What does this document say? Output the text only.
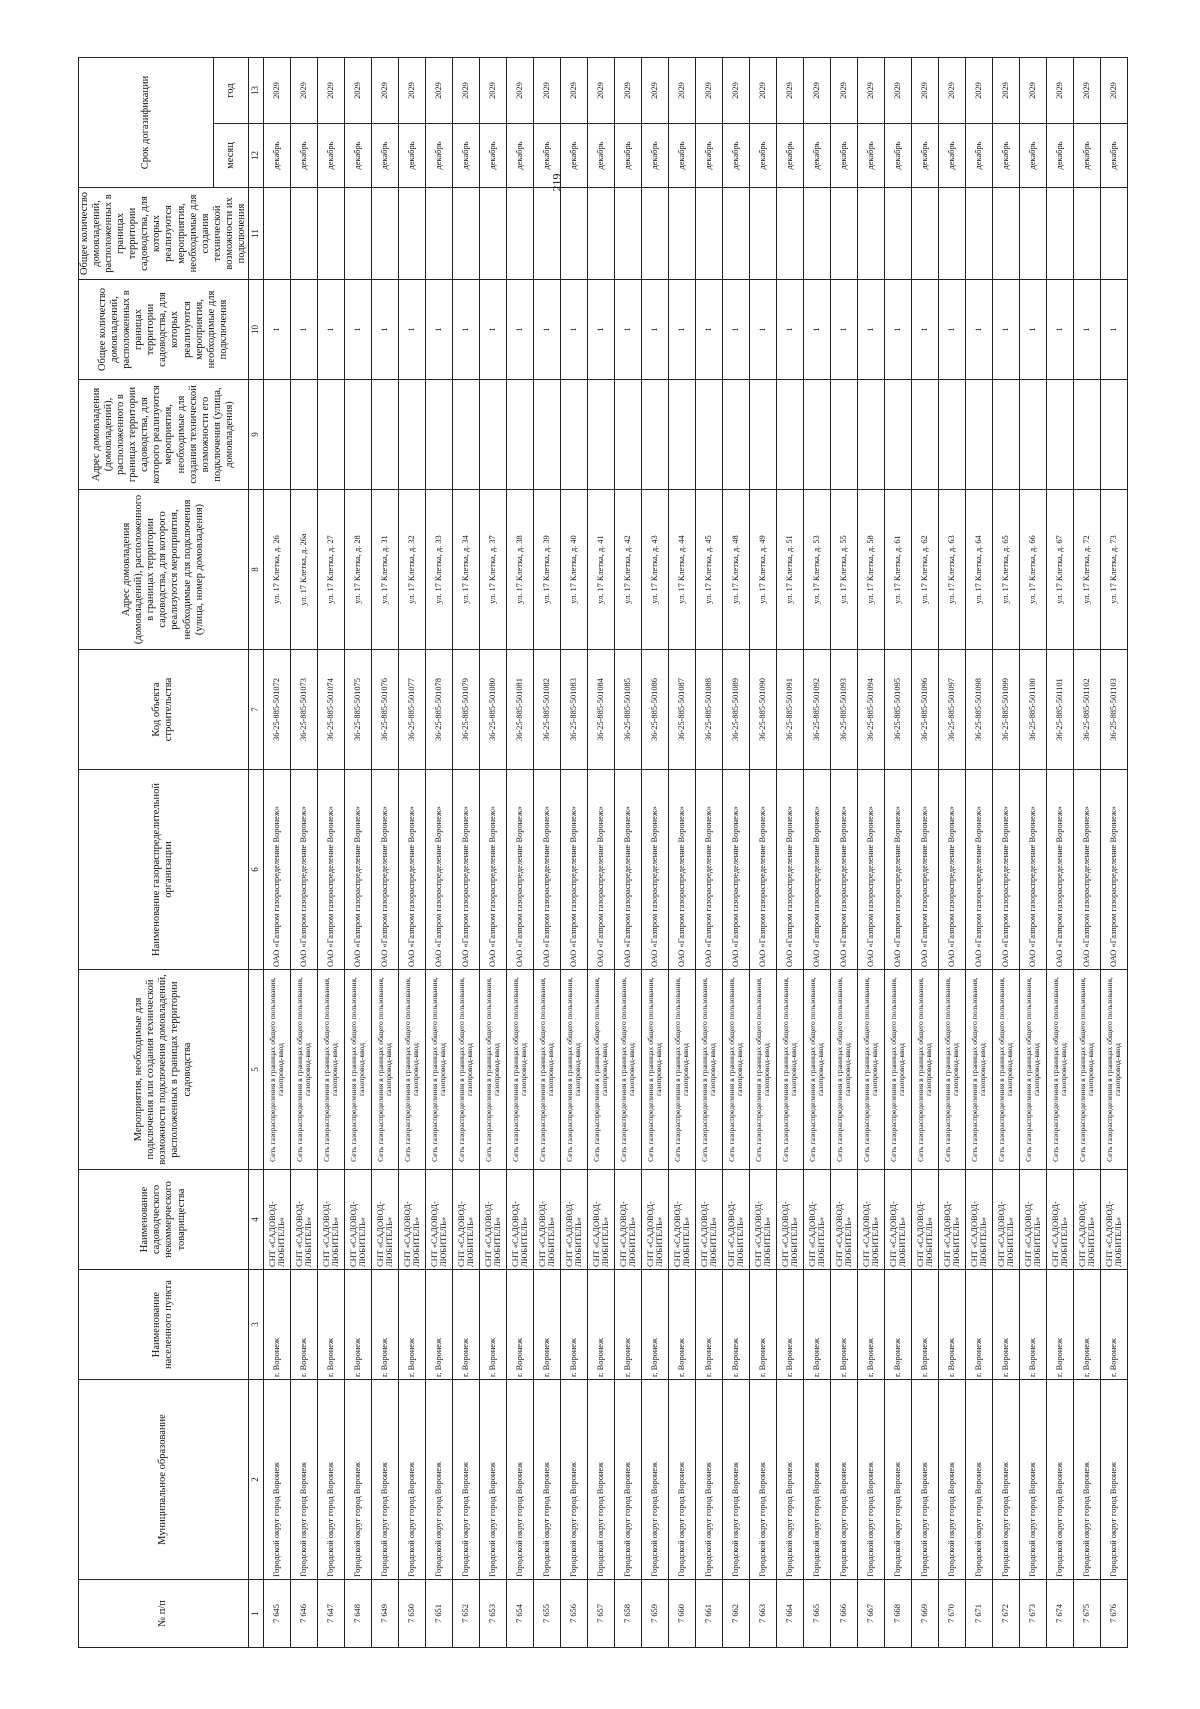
219
№ п/п	Муниципальное образование	Наименование населенного пункта	Наименование садоводческого некоммерческого товарищества	Мероприятия, необходимые для подключения или создания технической возможности подключения домовладений, расположенных в границах территории садоводства	Наименование газораспределительной организации	Код объекта строительства	Адрес домовладения (домовладений), расположенного в границах территории садоводства, для которого реализуются мероприятия, необходимые для подключения (улица, номер домовладения)	Адрес домовладения (домовладений), расположенного в границах территории садоводства, для которого реализуются мероприятия, необходимые для создания технической возможности его подключения (улица, домовладения)	Общее количество домовладений, расположенных в границах территории садоводства, для которых реализуются мероприятия, необходимые для подключения	Общее количество домовладений, расположенных в границах территории садоводства, для которых реализуются мероприятия, необходимые для создания технической возможности их подключения	Срок догазификации	
											месяц	год
1	2	3	4	5	6	7	8	9	10	11	12	13
7 645	Городской округ город Воронеж	г. Воронеж	СНТ «САДОВОД-ЛЮБИТЕЛЬ»	Сеть газораспределения в границах общего пользования, газопровод-ввод	ОАО «Газпром газораспределение Воронеж»	36-25-885-501072	ул. 17 Клетка, д. 26		1		декабрь	2029
7 646	Городской округ город Воронеж	г. Воронеж	СНТ «САДОВОД-ЛЮБИТЕЛЬ»	Сеть газораспределения в границах общего пользования, газопровод-ввод	ОАО «Газпром газораспределение Воронеж»	36-25-885-501073	ул. 17 Клетка, д. 26а		1		декабрь	2029
7 647	Городской округ город Воронеж	г. Воронеж	СНТ «САДОВОД-ЛЮБИТЕЛЬ»	Сеть газораспределения в границах общего пользования, газопровод-ввод	ОАО «Газпром газораспределение Воронеж»	36-25-885-501074	ул. 17 Клетка, д. 27		1		декабрь	2029
7 648	Городской округ город Воронеж	г. Воронеж	СНТ «САДОВОД-ЛЮБИТЕЛЬ»	Сеть газораспределения в границах общего пользования, газопровод-ввод	ОАО «Газпром газораспределение Воронеж»	36-25-885-501075	ул. 17 Клетка, д. 28		1		декабрь	2029
7 649	Городской округ город Воронеж	г. Воронеж	СНТ «САДОВОД-ЛЮБИТЕЛЬ»	Сеть газораспределения в границах общего пользования, газопровод-ввод	ОАО «Газпром газораспределение Воронеж»	36-25-885-501076	ул. 17 Клетка, д. 31		1		декабрь	2029
7 650	Городской округ город Воронеж	г. Воронеж	СНТ «САДОВОД-ЛЮБИТЕЛЬ»	Сеть газораспределения в границах общего пользования, газопровод-ввод	ОАО «Газпром газораспределение Воронеж»	36-25-885-501077	ул. 17 Клетка, д. 32		1		декабрь	2029
7 651	Городской округ город Воронеж	г. Воронеж	СНТ «САДОВОД-ЛЮБИТЕЛЬ»	Сеть газораспределения в границах общего пользования, газопровод-ввод	ОАО «Газпром газораспределение Воронеж»	36-25-885-501078	ул. 17 Клетка, д. 33		1		декабрь	2029
7 652	Городской округ город Воронеж	г. Воронеж	СНТ «САДОВОД-ЛЮБИТЕЛЬ»	Сеть газораспределения в границах общего пользования, газопровод-ввод	ОАО «Газпром газораспределение Воронеж»	36-25-885-501079	ул. 17 Клетка, д. 34		1		декабрь	2029
7 653	Городской округ город Воронеж	г. Воронеж	СНТ «САДОВОД-ЛЮБИТЕЛЬ»	Сеть газораспределения в границах общего пользования, газопровод-ввод	ОАО «Газпром газораспределение Воронеж»	36-25-885-501080	ул. 17 Клетка, д. 37		1		декабрь	2029
7 654	Городской округ город Воронеж	г. Воронеж	СНТ «САДОВОД-ЛЮБИТЕЛЬ»	Сеть газораспределения в границах общего пользования, газопровод-ввод	ОАО «Газпром газораспределение Воронеж»	36-25-885-501081	ул. 17 Клетка, д. 38		1		декабрь	2029
7 655	Городской округ город Воронеж	г. Воронеж	СНТ «САДОВОД-ЛЮБИТЕЛЬ»	Сеть газораспределения в границах общего пользования, газопровод-ввод	ОАО «Газпром газораспределение Воронеж»	36-25-885-501082	ул. 17 Клетка, д. 39		1		декабрь	2029
7 656	Городской округ город Воронеж	г. Воронеж	СНТ «САДОВОД-ЛЮБИТЕЛЬ»	Сеть газораспределения в границах общего пользования, газопровод-ввод	ОАО «Газпром газораспределение Воронеж»	36-25-885-501083	ул. 17 Клетка, д. 40		1		декабрь	2029
7 657	Городской округ город Воронеж	г. Воронеж	СНТ «САДОВОД-ЛЮБИТЕЛЬ»	Сеть газораспределения в границах общего пользования, газопровод-ввод	ОАО «Газпром газораспределение Воронеж»	36-25-885-501084	ул. 17 Клетка, д. 41		1		декабрь	2029
7 658	Городской округ город Воронеж	г. Воронеж	СНТ «САДОВОД-ЛЮБИТЕЛЬ»	Сеть газораспределения в границах общего пользования, газопровод-ввод	ОАО «Газпром газораспределение Воронеж»	36-25-885-501085	ул. 17 Клетка, д. 42		1		декабрь	2029
7 659	Городской округ город Воронеж	г. Воронеж	СНТ «САДОВОД-ЛЮБИТЕЛЬ»	Сеть газораспределения в границах общего пользования, газопровод-ввод	ОАО «Газпром газораспределение Воронеж»	36-25-885-501086	ул. 17 Клетка, д. 43		1		декабрь	2029
7 660	Городской округ город Воронеж	г. Воронеж	СНТ «САДОВОД-ЛЮБИТЕЛЬ»	Сеть газораспределения в границах общего пользования, газопровод-ввод	ОАО «Газпром газораспределение Воронеж»	36-25-885-501087	ул. 17 Клетка, д. 44		1		декабрь	2029
7 661	Городской округ город Воронеж	г. Воронеж	СНТ «САДОВОД-ЛЮБИТЕЛЬ»	Сеть газораспределения в границах общего пользования, газопровод-ввод	ОАО «Газпром газораспределение Воронеж»	36-25-885-501088	ул. 17 Клетка, д. 45		1		декабрь	2029
7 662	Городской округ город Воронеж	г. Воронеж	СНТ «САДОВОД-ЛЮБИТЕЛЬ»	Сеть газораспределения в границах общего пользования, газопровод-ввод	ОАО «Газпром газораспределение Воронеж»	36-25-885-501089	ул. 17 Клетка, д. 48		1		декабрь	2029
7 663	Городской округ город Воронеж	г. Воронеж	СНТ «САДОВОД-ЛЮБИТЕЛЬ»	Сеть газораспределения в границах общего пользования, газопровод-ввод	ОАО «Газпром газораспределение Воронеж»	36-25-885-501090	ул. 17 Клетка, д. 49		1		декабрь	2029
7 664	Городской округ город Воронеж	г. Воронеж	СНТ «САДОВОД-ЛЮБИТЕЛЬ»	Сеть газораспределения в границах общего пользования, газопровод-ввод	ОАО «Газпром газораспределение Воронеж»	36-25-885-501091	ул. 17 Клетка, д. 51		1		декабрь	2029
7 665	Городской округ город Воронеж	г. Воронеж	СНТ «САДОВОД-ЛЮБИТЕЛЬ»	Сеть газораспределения в границах общего пользования, газопровод-ввод	ОАО «Газпром газораспределение Воронеж»	36-25-885-501092	ул. 17 Клетка, д. 53		1		декабрь	2029
7 666	Городской округ город Воронеж	г. Воронеж	СНТ «САДОВОД-ЛЮБИТЕЛЬ»	Сеть газораспределения в границах общего пользования, газопровод-ввод	ОАО «Газпром газораспределение Воронеж»	36-25-885-501093	ул. 17 Клетка, д. 55		1		декабрь	2029
7 667	Городской округ город Воронеж	г. Воронеж	СНТ «САДОВОД-ЛЮБИТЕЛЬ»	Сеть газораспределения в границах общего пользования, газопровод-ввод	ОАО «Газпром газораспределение Воронеж»	36-25-885-501094	ул. 17 Клетка, д. 58		1		декабрь	2029
7 668	Городской округ город Воронеж	г. Воронеж	СНТ «САДОВОД-ЛЮБИТЕЛЬ»	Сеть газораспределения в границах общего пользования, газопровод-ввод	ОАО «Газпром газораспределение Воронеж»	36-25-885-501095	ул. 17 Клетка, д. 61		1		декабрь	2029
7 669	Городской округ город Воронеж	г. Воронеж	СНТ «САДОВОД-ЛЮБИТЕЛЬ»	Сеть газораспределения в границах общего пользования, газопровод-ввод	ОАО «Газпром газораспределение Воронеж»	36-25-885-501096	ул. 17 Клетка, д. 62		1		декабрь	2029
7 670	Городской округ город Воронеж	г. Воронеж	СНТ «САДОВОД-ЛЮБИТЕЛЬ»	Сеть газораспределения в границах общего пользования, газопровод-ввод	ОАО «Газпром газораспределение Воронеж»	36-25-885-501097	ул. 17 Клетка, д. 63		1		декабрь	2029
7 671	Городской округ город Воронеж	г. Воронеж	СНТ «САДОВОД-ЛЮБИТЕЛЬ»	Сеть газораспределения в границах общего пользования, газопровод-ввод	ОАО «Газпром газораспределение Воронеж»	36-25-885-501098	ул. 17 Клетка, д. 64		1		декабрь	2029
7 672	Городской округ город Воронеж	г. Воронеж	СНТ «САДОВОД-ЛЮБИТЕЛЬ»	Сеть газораспределения в границах общего пользования, газопровод-ввод	ОАО «Газпром газораспределение Воронеж»	36-25-885-501099	ул. 17 Клетка, д. 65		1		декабрь	2029
7 673	Городской округ город Воронеж	г. Воронеж	СНТ «САДОВОД-ЛЮБИТЕЛЬ»	Сеть газораспределения в границах общего пользования, газопровод-ввод	ОАО «Газпром газораспределение Воронеж»	36-25-885-501100	ул. 17 Клетка, д. 66		1		декабрь	2029
7 674	Городской округ город Воронеж	г. Воронеж	СНТ «САДОВОД-ЛЮБИТЕЛЬ»	Сеть газораспределения в границах общего пользования, газопровод-ввод	ОАО «Газпром газораспределение Воронеж»	36-25-885-501101	ул. 17 Клетка, д. 67		1		декабрь	2029
7 675	Городской округ город Воронеж	г. Воронеж	СНТ «САДОВОД-ЛЮБИТЕЛЬ»	Сеть газораспределения в границах общего пользования, газопровод-ввод	ОАО «Газпром газораспределение Воронеж»	36-25-885-501102	ул. 17 Клетка, д. 72		1		декабрь	2029
7 676	Городской округ город Воронеж	г. Воронеж	СНТ «САДОВОД-ЛЮБИТЕЛЬ»	Сеть газораспределения в границах общего пользования, газопровод-ввод	ОАО «Газпром газораспределение Воронеж»	36-25-885-501103	ул. 17 Клетка, д. 73		1		декабрь	2029
